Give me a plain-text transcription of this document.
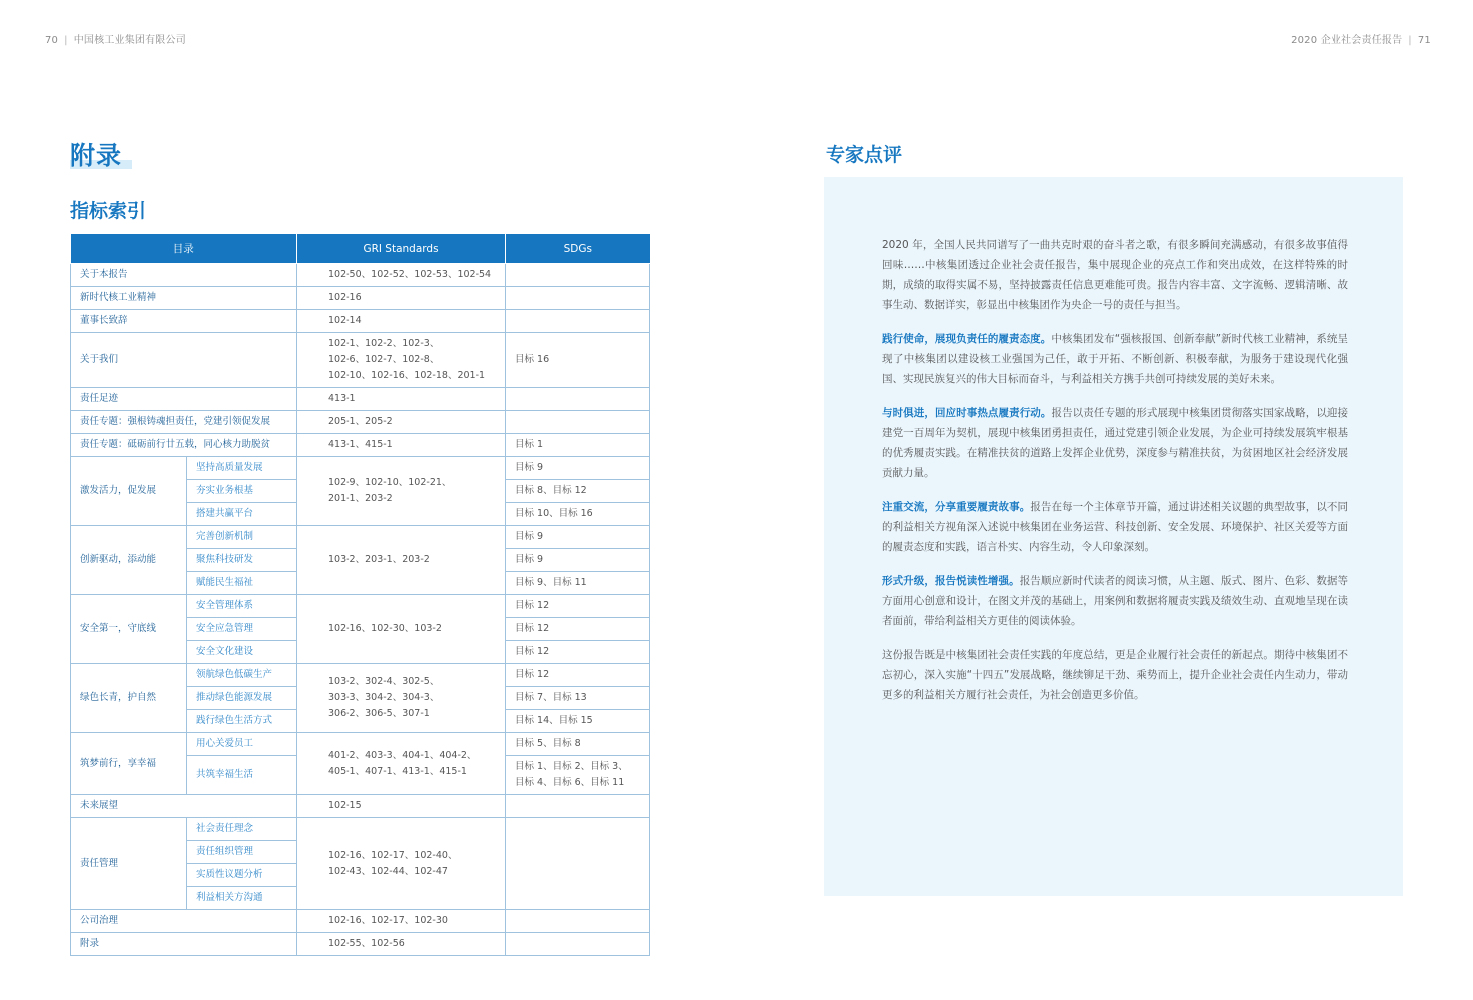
70 | 中国核工业集团有限公司	2020 企业社会责任报告 | 71
附录
指标索引
目录		GRI Standards	SDGs
关于本报告		102-50、102-52、102-53、102-54	
新时代核工业精神		102-16	
董事长致辞		102-14	
关于我们		102-1、102-2、102-3、
102-6、102-7、102-8、
102-10、102-16、102-18、201-1	目标 16
责任足迹		413-1	
责任专题：强根铸魂担责任，党建引领促发展		205-1、205-2	
责任专题：砥砺前行廿五载，同心核力助脱贫		413-1、415-1	目标 1
激发活力，促发展	坚持高质量发展	102-9、102-10、102-21、
201-1、203-2	目标 9
	夯实业务根基		目标 8、目标 12
	搭建共赢平台		目标 10、目标 16
创新驱动，添动能	完善创新机制	103-2、203-1、203-2	目标 9
	聚焦科技研发		目标 9
	赋能民生福祉		目标 9、目标 11
安全第一，守底线	安全管理体系	102-16、102-30、103-2	目标 12
	安全应急管理		目标 12
	安全文化建设		目标 12
绿色长青，护自然	领航绿色低碳生产	103-2、302-4、302-5、
303-3、304-2、304-3、
306-2、306-5、307-1	目标 12
	推动绿色能源发展		目标 7、目标 13
	践行绿色生活方式		目标 14、目标 15
筑梦前行，享幸福	用心关爱员工	401-2、403-3、404-1、404-2、
405-1、407-1、413-1、415-1	目标 5、目标 8
	共筑幸福生活		目标 1、目标 2、目标 3、
目标 4、目标 6、目标 11

未来展望		102-15	
责任管理	社会责任理念	102-16、102-17、102-40、
102-43、102-44、102-47	

	责任组织管理		
	实质性议题分析		
	利益相关方沟通		
公司治理		102-16、102-17、102-30	
附录		102-55、102-56	
专家点评

2020 年，全国人民共同谱写了一曲共克时艰的奋斗者之歌，有很多瞬间充满感动，有很多故事值得回味……中核集团透过企业社会责任报告，集中展现企业的亮点工作和突出成效，在这样特殊的时期，成绩的取得实属不易，坚持披露责任信息更难能可贵。报告内容丰富、文字流畅、逻辑清晰、故事生动、数据详实，彰显出中核集团作为央企一号的责任与担当。

践行使命，展现负责任的履责态度。中核集团发布“强核报国、创新奉献”新时代核工业精神，系统呈现了中核集团以建设核工业强国为己任，敢于开拓、不断创新、积极奉献，为服务于建设现代化强国、实现民族复兴的伟大目标而奋斗，与利益相关方携手共创可持续发展的美好未来。

与时俱进，回应时事热点履责行动。报告以责任专题的形式展现中核集团贯彻落实国家战略，以迎接建党一百周年为契机，展现中核集团勇担责任，通过党建引领企业发展，为企业可持续发展筑牢根基的优秀履责实践。在精准扶贫的道路上发挥企业优势，深度参与精准扶贫，为贫困地区社会经济发展贡献力量。

注重交流，分享重要履责故事。报告在每一个主体章节开篇，通过讲述相关议题的典型故事，以不同的利益相关方视角深入述说中核集团在业务运营、科技创新、安全发展、环境保护、社区关爱等方面的履责态度和实践，语言朴实、内容生动，令人印象深刻。

形式升级，报告悦读性增强。报告顺应新时代读者的阅读习惯，从主题、版式、图片、色彩、数据等方面用心创意和设计，在图文并茂的基础上，用案例和数据将履责实践及绩效生动、直观地呈现在读者面前，带给利益相关方更佳的阅读体验。

这份报告既是中核集团社会责任实践的年度总结，更是企业履行社会责任的新起点。期待中核集团不忘初心，深入实施“十四五”发展战略，继续铆足干劲、乘势而上，提升企业社会责任内生动力，带动更多的利益相关方履行社会责任，为社会创造更多价值。
